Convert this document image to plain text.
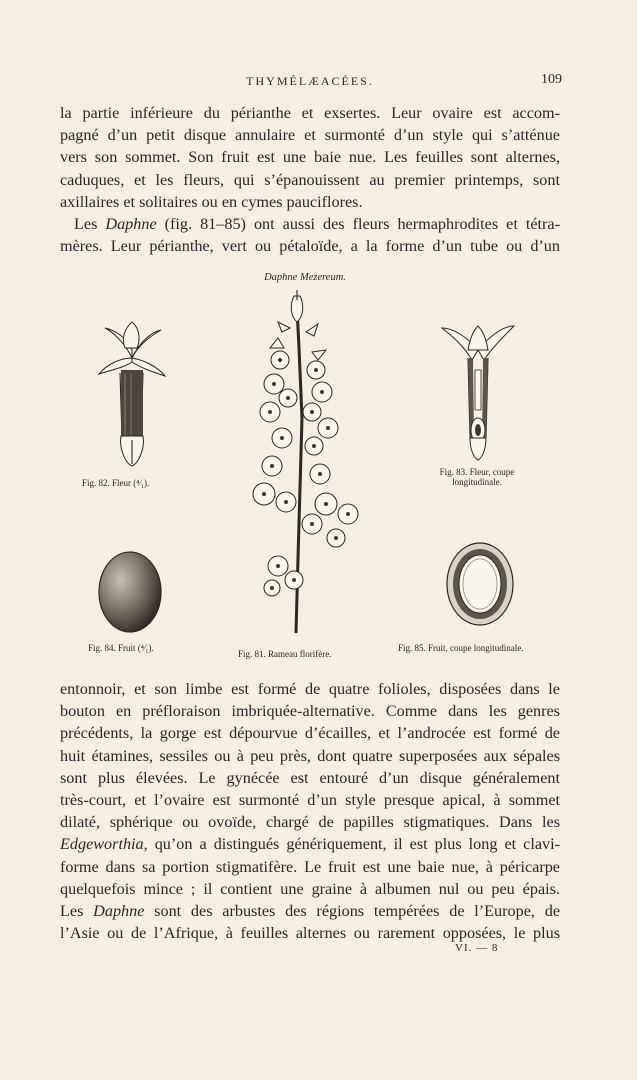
THYMÉLÆACÉES.	109
la partie inférieure du périanthe et exsertes. Leur ovaire est accom-
pagné d’un petit disque annulaire et surmonté d’un style qui s’atténue
vers son sommet. Son fruit est une baie nue. Les feuilles sont alternes,
caduques, et les fleurs, qui s’épanouissent au premier printemps, sont
axillaires et solitaires ou en cymes pauciflores.
Les Daphne (fig. 81–85) ont aussi des fleurs hermaphrodites et tétra-
mères. Leur périanthe, vert ou pétaloïde, a la forme d’un tube ou d’un
Daphne Mezereum.
Fig. 82. Fleur (⁴⁄₁).
Fig. 83. Fleur, coupe
longitudinale.
Fig. 81. Rameau florifère.
Fig. 84. Fruit (⁴⁄₁).	Fig. 85. Fruit, coupe longitudinale.
entonnoir, et son limbe est formé de quatre folioles, disposées dans le
bouton en préfloraison imbriquée-alternative. Comme dans les genres
précédents, la gorge est dépourvue d’écailles, et l’androcée est formé de
huit étamines, sessiles ou à peu près, dont quatre superposées aux sépales
sont plus élevées. Le gynécée est entouré d’un disque généralement
très-court, et l’ovaire est surmonté d’un style presque apical, à sommet
dilaté, sphérique ou ovoïde, chargé de papilles stigmatiques. Dans les
Edgeworthia, qu’on a distingués génériquement, il est plus long et clavi-
forme dans sa portion stigmatifère. Le fruit est une baie nue, à péricarpe
quelquefois mince ; il contient une graine à albumen nul ou peu épais.
Les Daphne sont des arbustes des régions tempérées de l’Europe, de
l’Asie ou de l’Afrique, à feuilles alternes ou rarement opposées, le plus
VI. — 8
